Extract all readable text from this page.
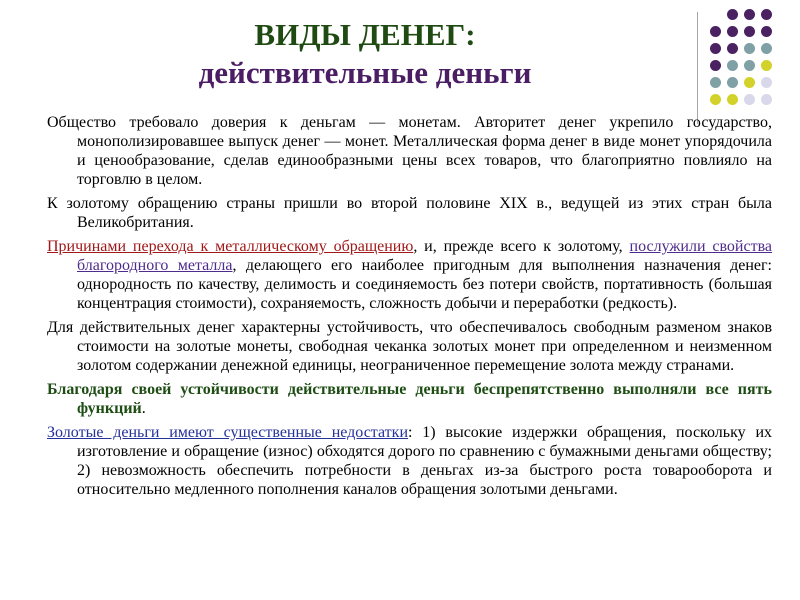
ВИДЫ ДЕНЕГ:
действительные деньги

Общество требовало доверия к деньгам — монетам. Авторитет денег укрепило государство, монополизировавшее выпуск денег — монет. Металлическая форма денег в виде монет упорядочила и ценообразование, сделав единообразными цены всех товаров, что благоприятно повлияло на торговлю в целом.

К золотому обращению страны пришли во второй половине XIX в., ведущей из этих стран была Великобритания.

Причинами перехода к металлическому обращению, и, прежде всего к золотому, послужили свойства благородного металла, делающего его наиболее пригодным для выполнения назначения денег: однородность по качеству, делимость и соединяемость без потери свойств, портативность (большая концентрация стоимости), сохраняемость, сложность добычи и переработки (редкость).

Для действительных денег характерны устойчивость, что обеспечивалось свободным разменом знаков стоимости на золотые монеты, свободная чеканка золотых монет при определенном и неизменном золотом содержании денежной единицы, неограниченное перемещение золота между странами.

Благодаря своей устойчивости действительные деньги беспрепятственно выполняли все пять функций.

Золотые деньги имеют существенные недостатки: 1) высокие издержки обращения, поскольку их изготовление и обращение (износ) обходятся дорого по сравнению с бумажными деньгами обществу; 2) невозможность обеспечить потребности в деньгах из-за быстрого роста товарооборота и относительно медленного пополнения каналов обращения золотыми деньгами.
